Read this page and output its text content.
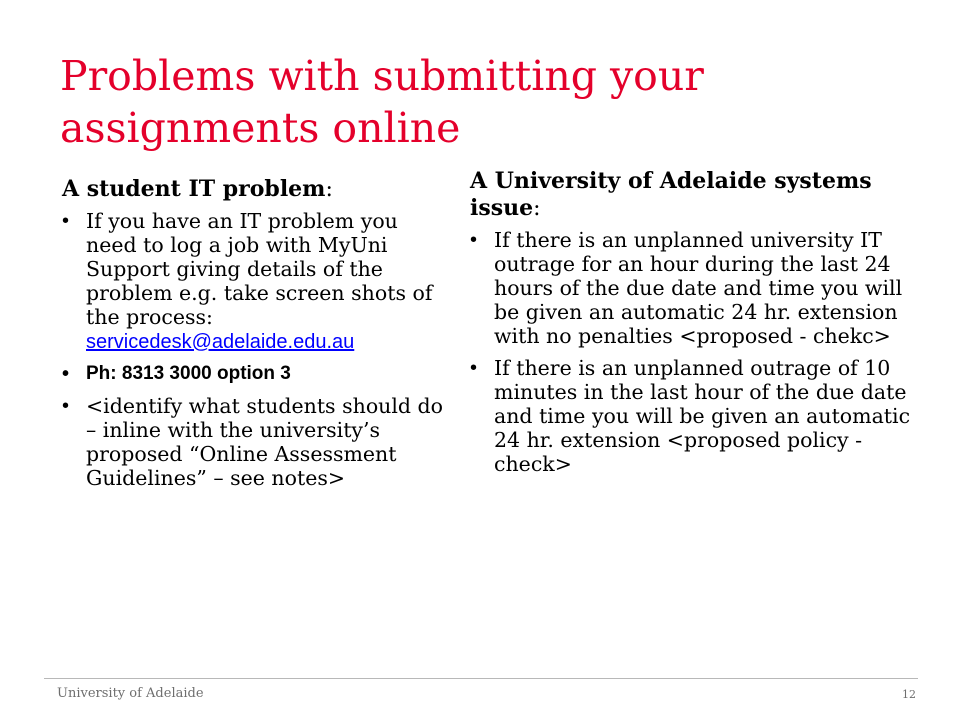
Problems with submitting your assignments online
A student IT problem:
• If you have an IT problem you need to log a job with MyUni Support giving details of the problem e.g. take screen shots of the process: servicedesk@adelaide.edu.au
• Ph: 8313 3000 option 3
• <identify what students should do – inline with the university’s proposed “Online Assessment Guidelines” – see notes>
A University of Adelaide systems issue:
• If there is an unplanned university IT outrage for an hour during the last 24 hours of the due date and time you will be given an automatic 24 hr. extension with no penalties <proposed - chekc>
• If there is an unplanned outrage of 10 minutes in the last hour of the due date and time you will be given an automatic 24 hr. extension <proposed policy - check>
University of Adelaide	12
